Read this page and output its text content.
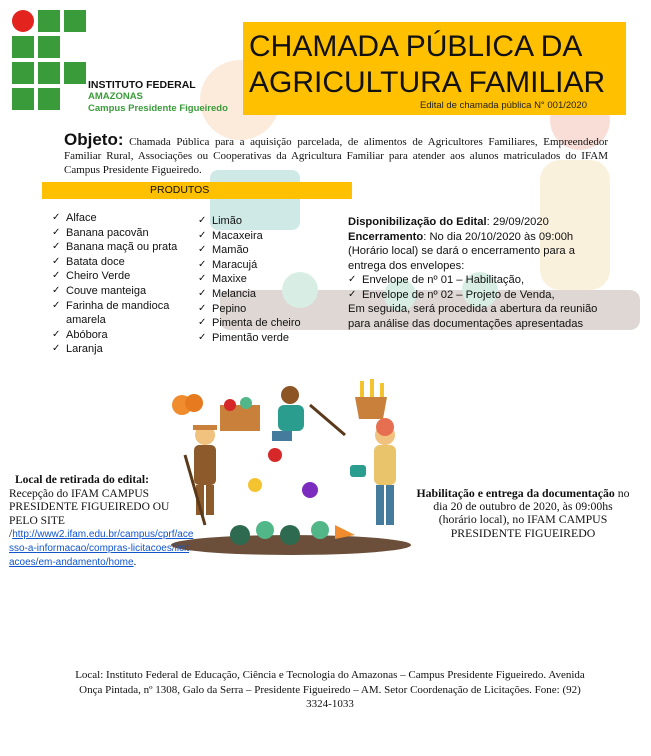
INSTITUTO FEDERAL
AMAZONAS
Campus Presidente Figueiredo
CHAMADA PÚBLICA DA
AGRICULTURA FAMILIAR
Edital de chamada pública N° 001/2020
Objeto: Chamada Pública para a aquisição parcelada, de alimentos de Agricultores Familiares, Empreendedor Familiar Rural, Associações ou Cooperativas da Agricultura Familiar para atender aos alunos matriculados do IFAM Campus Presidente Figueiredo.
PRODUTOS
✓ Alface
✓ Banana pacovãn
✓ Banana maçã ou prata
✓ Batata doce
✓ Cheiro Verde
✓ Couve manteiga
✓ Farinha de mandioca amarela
✓ Abóbora
✓ Laranja
✓ Limão
✓ Macaxeira
✓ Mamão
✓ Maracujá
✓ Maxixe
✓ Melancia
✓ Pepino
✓ Pimenta de cheiro
✓ Pimentão verde
Disponibilização do Edital: 29/09/2020
Encerramento: No dia 20/10/2020 às 09:00h (Horário local) se dará o encerramento para a entrega dos envelopes:
✓ Envelope de nº 01 – Habilitação,
✓ Envelope de nº 02 – Projeto de Venda,
Em seguida, será procedida a abertura da reunião para análise das documentações apresentadas
Local de retirada do edital:
Recepção do IFAM CAMPUS PRESIDENTE FIGUEIREDO OU PELO SITE
/http://www2.ifam.edu.br/campus/cprf/acesso-a-informacao/compras-licitacoes/licitacoes/em-andamento/home.
Habilitação e entrega da documentação no dia 20 de outubro de 2020, às 09:00hs (horário local), no IFAM CAMPUS PRESIDENTE FIGUEIREDO
Local: Instituto Federal de Educação, Ciência e Tecnologia do Amazonas – Campus Presidente Figueiredo. Avenida Onça Pintada, nº 1308, Galo da Serra – Presidente Figueiredo – AM. Setor Coordenação de Licitações. Fone: (92) 3324-1033
